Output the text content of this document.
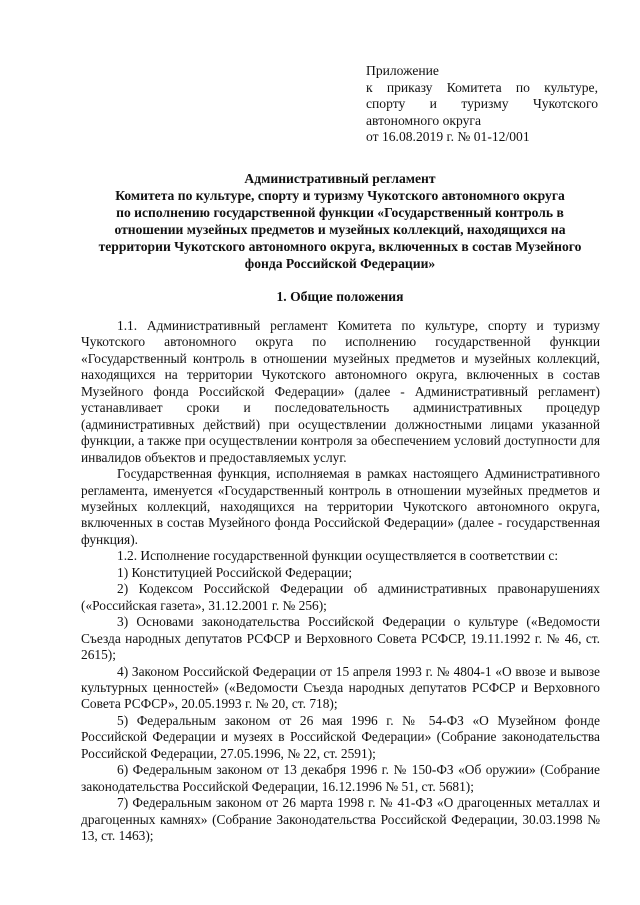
Приложение
к приказу Комитета по культуре,
спорту и туризму Чукотского
автономного округа
от 16.08.2019 г. № 01-12/001
Административный регламент
Комитета по культуре, спорту и туризму Чукотского автономного округа
по исполнению государственной функции «Государственный контроль в
отношении музейных предметов и музейных коллекций, находящихся на
территории Чукотского автономного округа, включенных в состав Музейного
фонда Российской Федерации»
1. Общие положения

1.1. Административный регламент Комитета по культуре, спорту и туризму Чукотского автономного округа по исполнению государственной функции «Государственный контроль в отношении музейных предметов и музейных коллекций, находящихся на территории Чукотского автономного округа, включенных в состав Музейного фонда Российской Федерации» (далее - Административный регламент) устанавливает сроки и последовательность административных процедур (административных действий) при осуществлении должностными лицами указанной функции, а также при осуществлении контроля за обеспечением условий доступности для инвалидов объектов и предоставляемых услуг.

Государственная функция, исполняемая в рамках настоящего Административного регламента, именуется «Государственный контроль в отношении музейных предметов и музейных коллекций, находящихся на территории Чукотского автономного округа, включенных в состав Музейного фонда Российской Федерации» (далее - государственная функция).

1.2. Исполнение государственной функции осуществляется в соответствии с:

1) Конституцией Российской Федерации;

2) Кодексом Российской Федерации об административных правонарушениях («Российская газета», 31.12.2001 г. № 256);

3) Основами законодательства Российской Федерации о культуре («Ведомости Съезда народных депутатов РСФСР и Верховного Совета РСФСР, 19.11.1992 г. № 46, ст. 2615);

4) Законом Российской Федерации от 15 апреля 1993 г. № 4804-1 «О ввозе и вывозе культурных ценностей» («Ведомости Съезда народных депутатов РСФСР и Верховного Совета РСФСР», 20.05.1993 г. № 20, ст. 718);

5) Федеральным законом от 26 мая 1996 г. № 54-ФЗ «О Музейном фонде Российской Федерации и музеях в Российской Федерации» (Собрание законодательства Российской Федерации, 27.05.1996, № 22, ст. 2591);

6) Федеральным законом от 13 декабря 1996 г. № 150-ФЗ «Об оружии» (Собрание законодательства Российской Федерации, 16.12.1996 № 51, ст. 5681);

7) Федеральным законом от 26 марта 1998 г. № 41-ФЗ «О драгоценных металлах и драгоценных камнях» (Собрание Законодательства Российской Федерации, 30.03.1998 № 13, ст. 1463);
